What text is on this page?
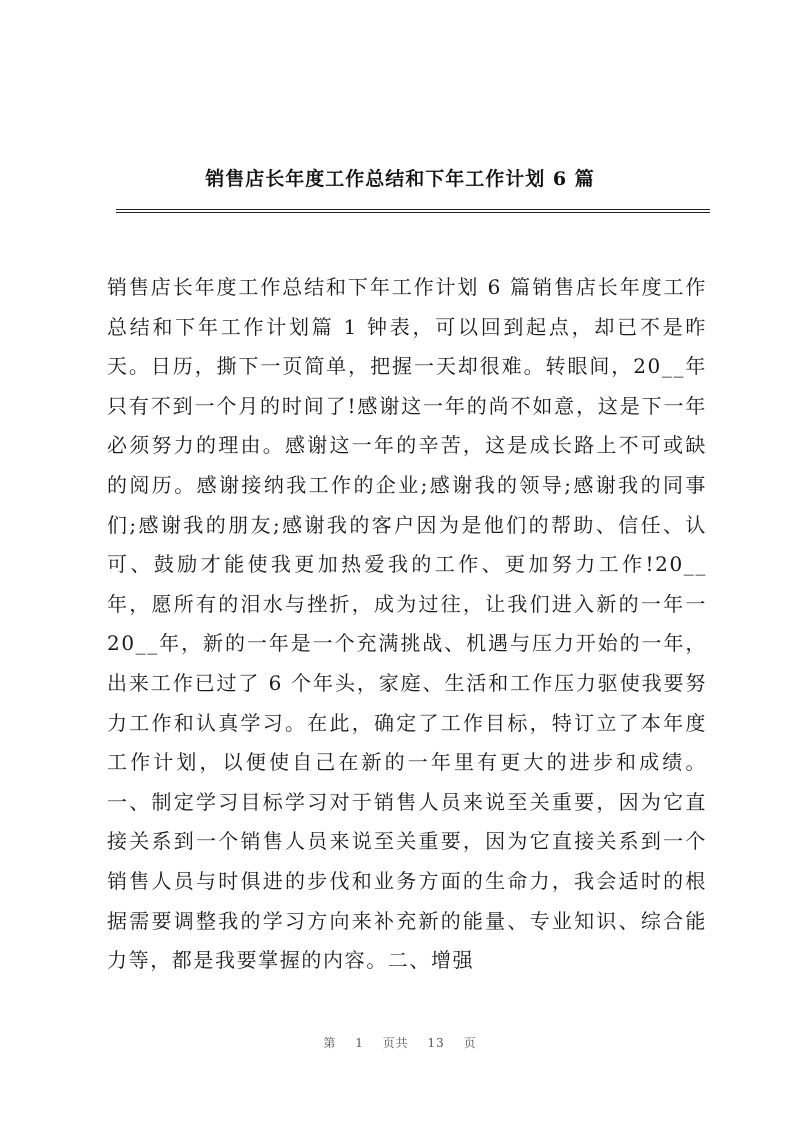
销售店长年度工作总结和下年工作计划 6 篇

销售店长年度工作总结和下年工作计划 6 篇销售店长年度工作总结和下年工作计划篇 1 钟表，可以回到起点，却已不是昨天。日历，撕下一页简单，把握一天却很难。转眼间，20__年只有不到一个月的时间了!感谢这一年的尚不如意，这是下一年必须努力的理由。感谢这一年的辛苦，这是成长路上不可或缺的阅历。感谢接纳我工作的企业;感谢我的领导;感谢我的同事们;感谢我的朋友;感谢我的客户因为是他们的帮助、信任、认可、鼓励才能使我更加热爱我的工作、更加努力工作!20__年，愿所有的泪水与挫折，成为过往，让我们进入新的一年一 20__年，新的一年是一个充满挑战、机遇与压力开始的一年，出来工作已过了 6 个年头，家庭、生活和工作压力驱使我要努力工作和认真学习。在此，确定了工作目标，特订立了本年度工作计划，以便使自己在新的一年里有更大的进步和成绩。一、制定学习目标学习对于销售人员来说至关重要，因为它直接关系到一个销售人员来说至关重要，因为它直接关系到一个销售人员与时俱进的步伐和业务方面的生命力，我会适时的根据需要调整我的学习方向来补充新的能量、专业知识、综合能力等，都是我要掌握的内容。二、增强

第 1 页共 13 页
